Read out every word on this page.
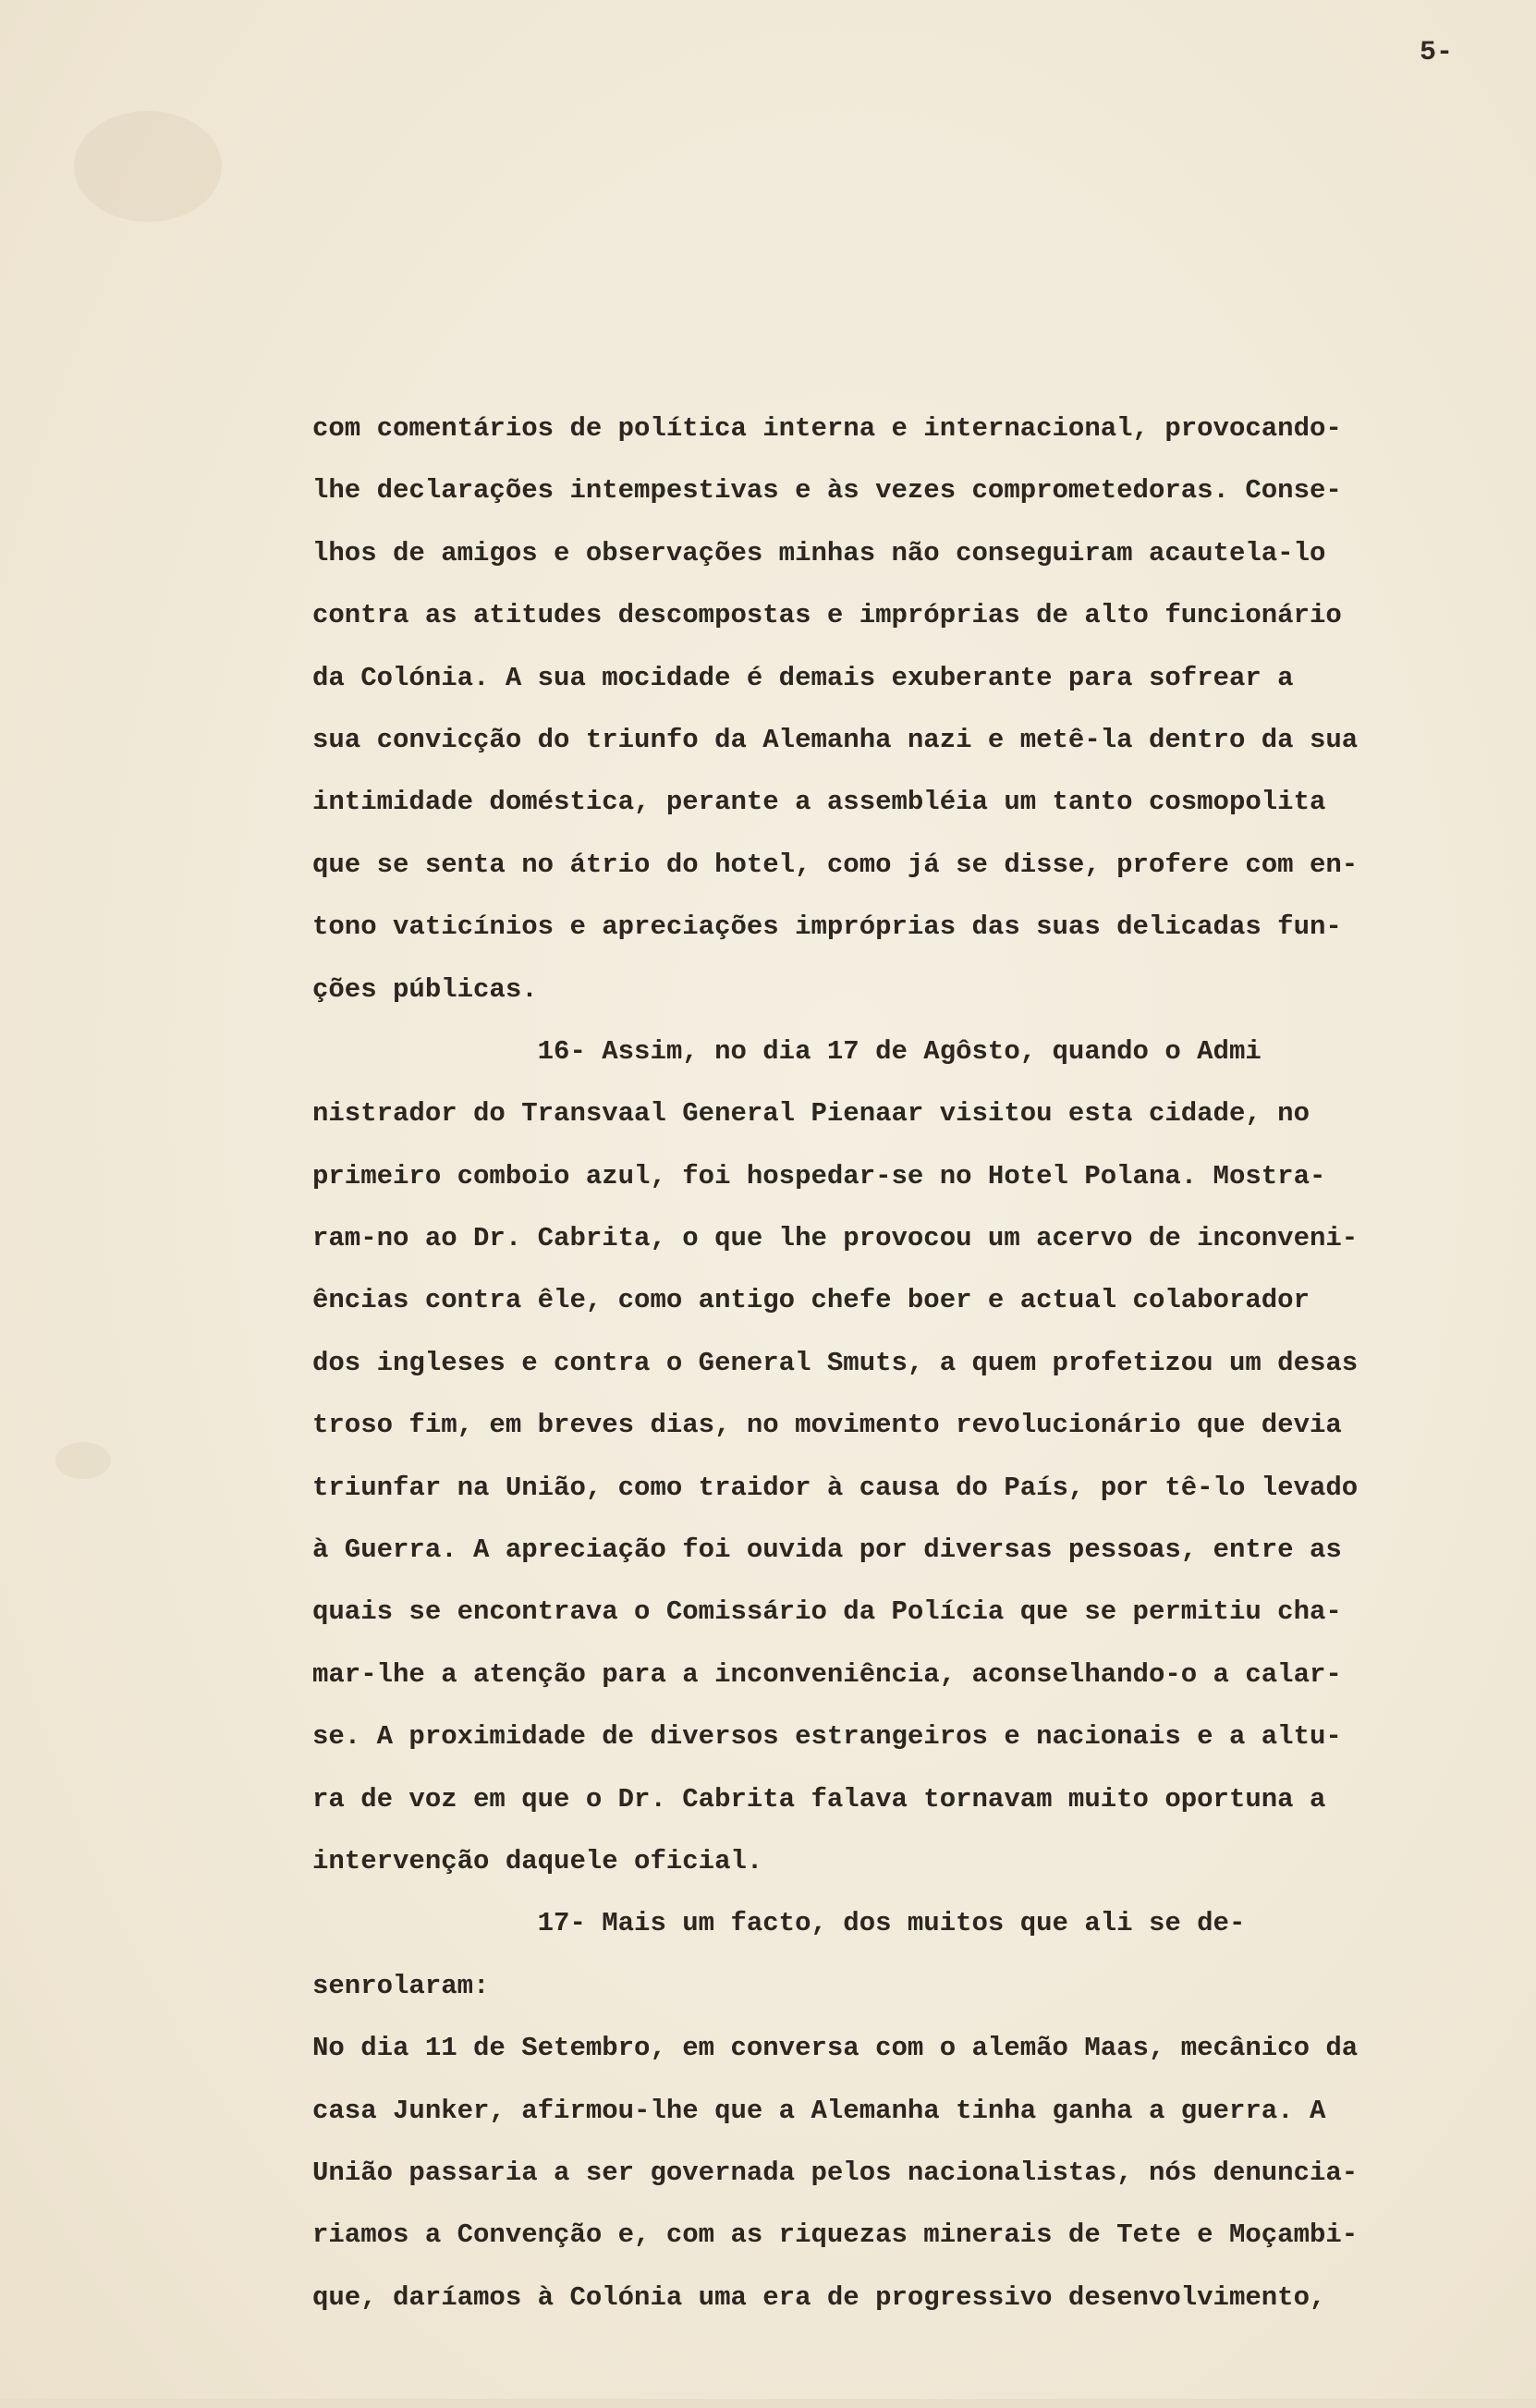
5-
com comentários de política interna e internacional, provocando-
lhe declarações intempestivas e às vezes comprometedoras. Conse-
lhos de amigos e observações minhas não conseguiram acautela-lo
contra as atitudes descompostas e impróprias de alto funcionário
da Colónia. A sua mocidade é demais exuberante para sofrear a
sua convicção do triunfo da Alemanha nazi e metê-la dentro da sua
intimidade doméstica, perante a assembléia um tanto cosmopolita
que se senta no átrio do hotel, como já se disse, profere com en-
tono vaticínios e apreciações impróprias das suas delicadas fun-
ções públicas.
16- Assim, no dia 17 de Agôsto, quando o Admi
nistrador do Transvaal General Pienaar visitou esta cidade, no
primeiro comboio azul, foi hospedar-se no Hotel Polana. Mostra-
ram-no ao Dr. Cabrita, o que lhe provocou um acervo de inconveni-
ências contra êle, como antigo chefe boer e actual colaborador
dos ingleses e contra o General Smuts, a quem profetizou um desas
troso fim, em breves dias, no movimento revolucionário que devia
triunfar na União, como traidor à causa do País, por tê-lo levado
à Guerra. A apreciação foi ouvida por diversas pessoas, entre as
quais se encontrava o Comissário da Polícia que se permitiu cha-
mar-lhe a atenção para a inconveniência, aconselhando-o a calar-
se. A proximidade de diversos estrangeiros e nacionais e a altu-
ra de voz em que o Dr. Cabrita falava tornavam muito oportuna a
intervenção daquele oficial.
17- Mais um facto, dos muitos que ali se de-
senrolaram:
No dia 11 de Setembro, em conversa com o alemão Maas, mecânico da
casa Junker, afirmou-lhe que a Alemanha tinha ganha a guerra. A
União passaria a ser governada pelos nacionalistas, nós denuncia-
riamos a Convenção e, com as riquezas minerais de Tete e Moçambi-
que, daríamos à Colónia uma era de progressivo desenvolvimento,
